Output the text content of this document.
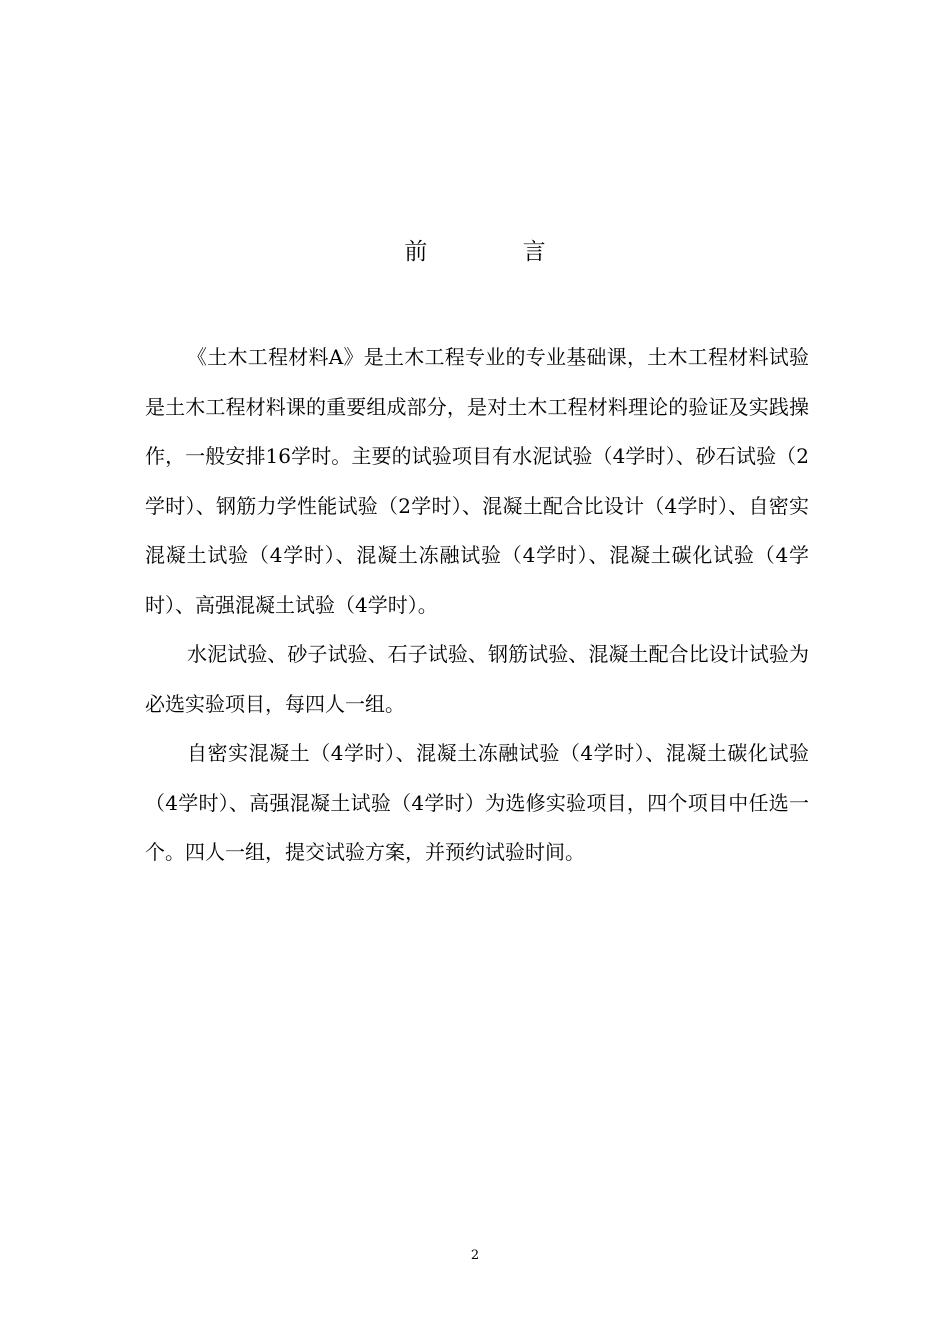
前 言

《土木工程材料A》是土木工程专业的专业基础课，土木工程材料试验是土木工程材料课的重要组成部分，是对土木工程材料理论的验证及实践操作，一般安排16学时。主要的试验项目有水泥试验（4学时）、砂石试验（2学时）、钢筋力学性能试验（2学时）、混凝土配合比设计（4学时）、自密实混凝土试验（4学时）、混凝土冻融试验（4学时）、混凝土碳化试验（4学时）、高强混凝土试验（4学时）。

水泥试验、砂子试验、石子试验、钢筋试验、混凝土配合比设计试验为必选实验项目，每四人一组。

自密实混凝土（4学时）、混凝土冻融试验（4学时）、混凝土碳化试验（4学时）、高强混凝土试验（4学时）为选修实验项目，四个项目中任选一个。四人一组，提交试验方案，并预约试验时间。

2
